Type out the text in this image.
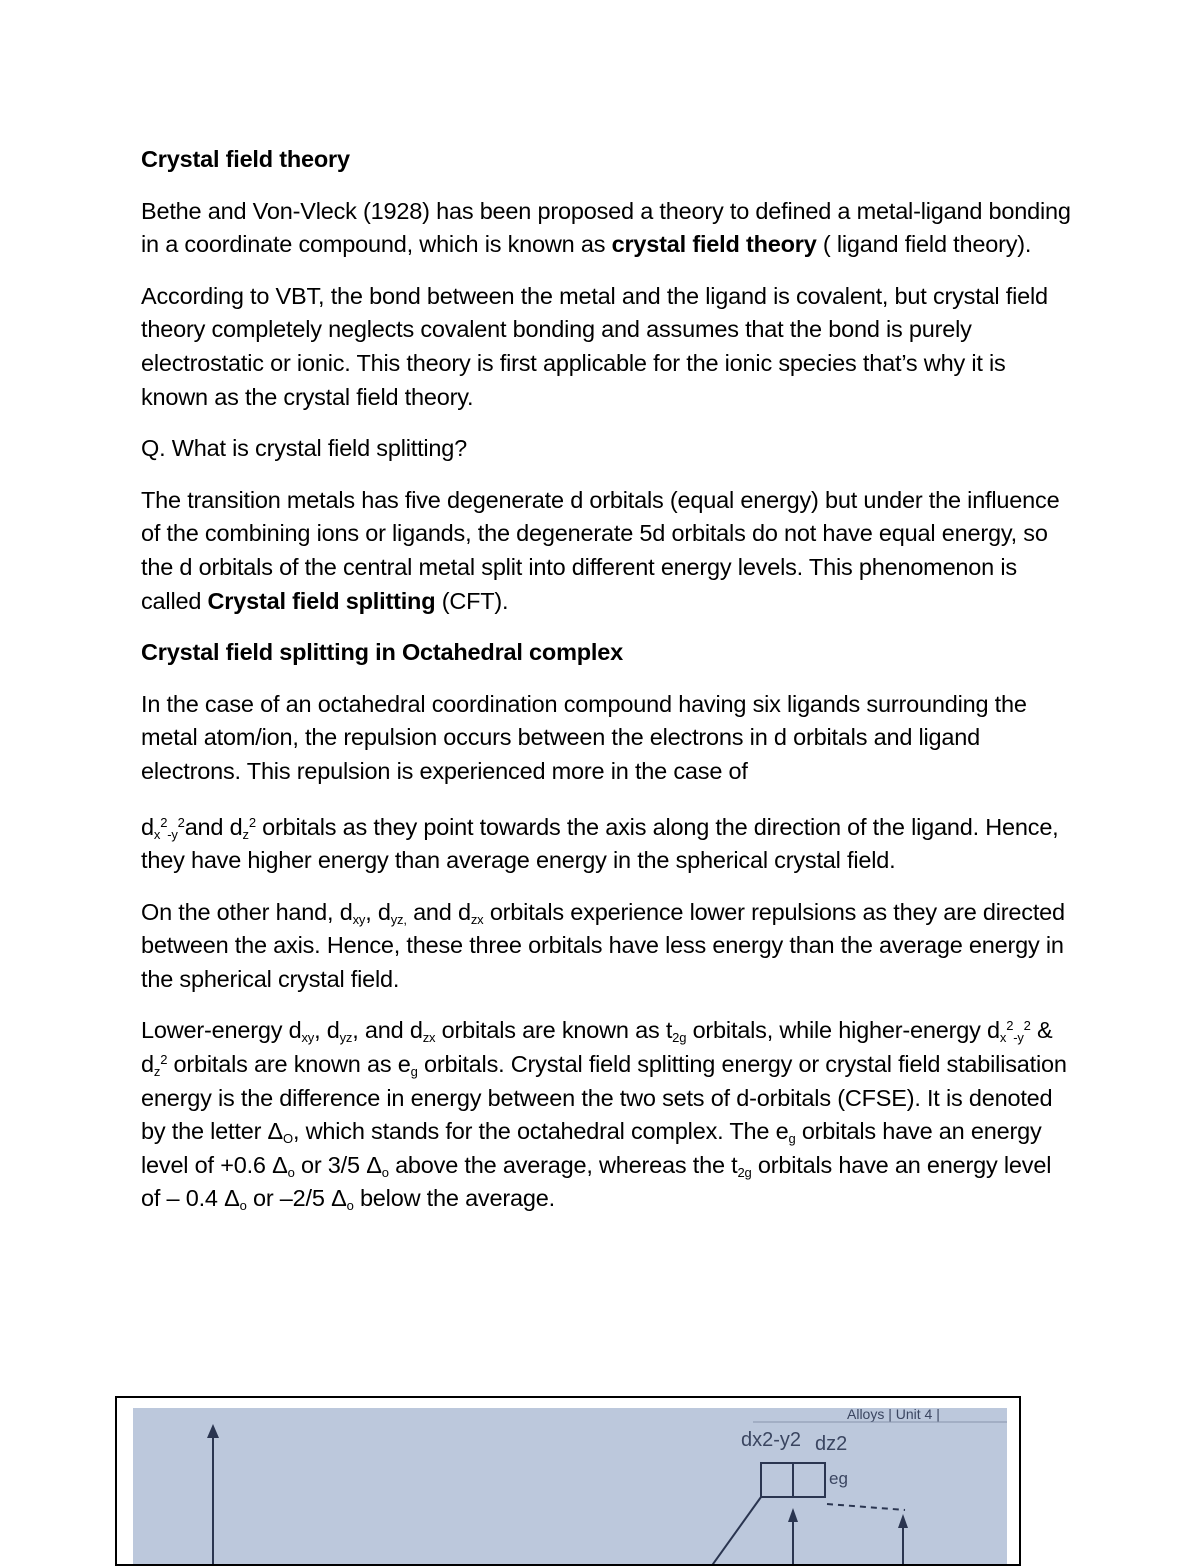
Crystal field theory

Bethe and Von-Vleck (1928) has been proposed a theory to defined a metal-ligand bonding in a coordinate compound, which is known as crystal field theory ( ligand field theory).

According to VBT, the bond between the metal and the ligand is covalent, but crystal field theory completely neglects covalent bonding and assumes that the bond is purely electrostatic or ionic. This theory is first applicable for the ionic species that’s why it is known as the crystal field theory.

Q. What is crystal field splitting?

The transition metals has five degenerate d orbitals (equal energy) but under the influence of the combining ions or ligands, the degenerate 5d orbitals do not have equal energy, so the d orbitals of the central metal split into different energy levels. This phenomenon is called Crystal field splitting (CFT).

Crystal field splitting in Octahedral complex

In the case of an octahedral coordination compound having six ligands surrounding the metal atom/ion, the repulsion occurs between the electrons in d orbitals and ligand electrons. This repulsion is experienced more in the case of

$d_x^2_{-y}^2and$ $d_z^2$ orbitals as they point towards the axis along the direction of the ligand. Hence, they have higher energy than average energy in the spherical crystal field.

On the other hand, $d_{xy}$, $d_{yz,}$ and $d_{zx}$ orbitals experience lower repulsions as they are directed between the axis. Hence, these three orbitals have less energy than the average energy in the spherical crystal field.

Lower-energy $d_{xy}$, $d_{yz}$, and $d_{zx}$ orbitals are known as $t_{2g}$ orbitals, while higher-energy $d_x^2_{-y}^2$ & $d_z^2$ orbitals are known as $e_g$ orbitals. Crystal field splitting energy or crystal field stabilisation energy is the difference in energy between the two sets of d-orbitals (CFSE). It is denoted by the letter $\Delta_O$, which stands for the octahedral complex. The $e_g$ orbitals have an energy level of +0.6 $\Delta_o$ or 3/5 $\Delta_o$ above the average, whereas the $t_{2g}$ orbitals have an energy level of – 0.4 $\Delta_o$ or –2/5 $\Delta_o$ below the average.

Alloys | Unit 4 |
dx2-y2 dz2
eg
